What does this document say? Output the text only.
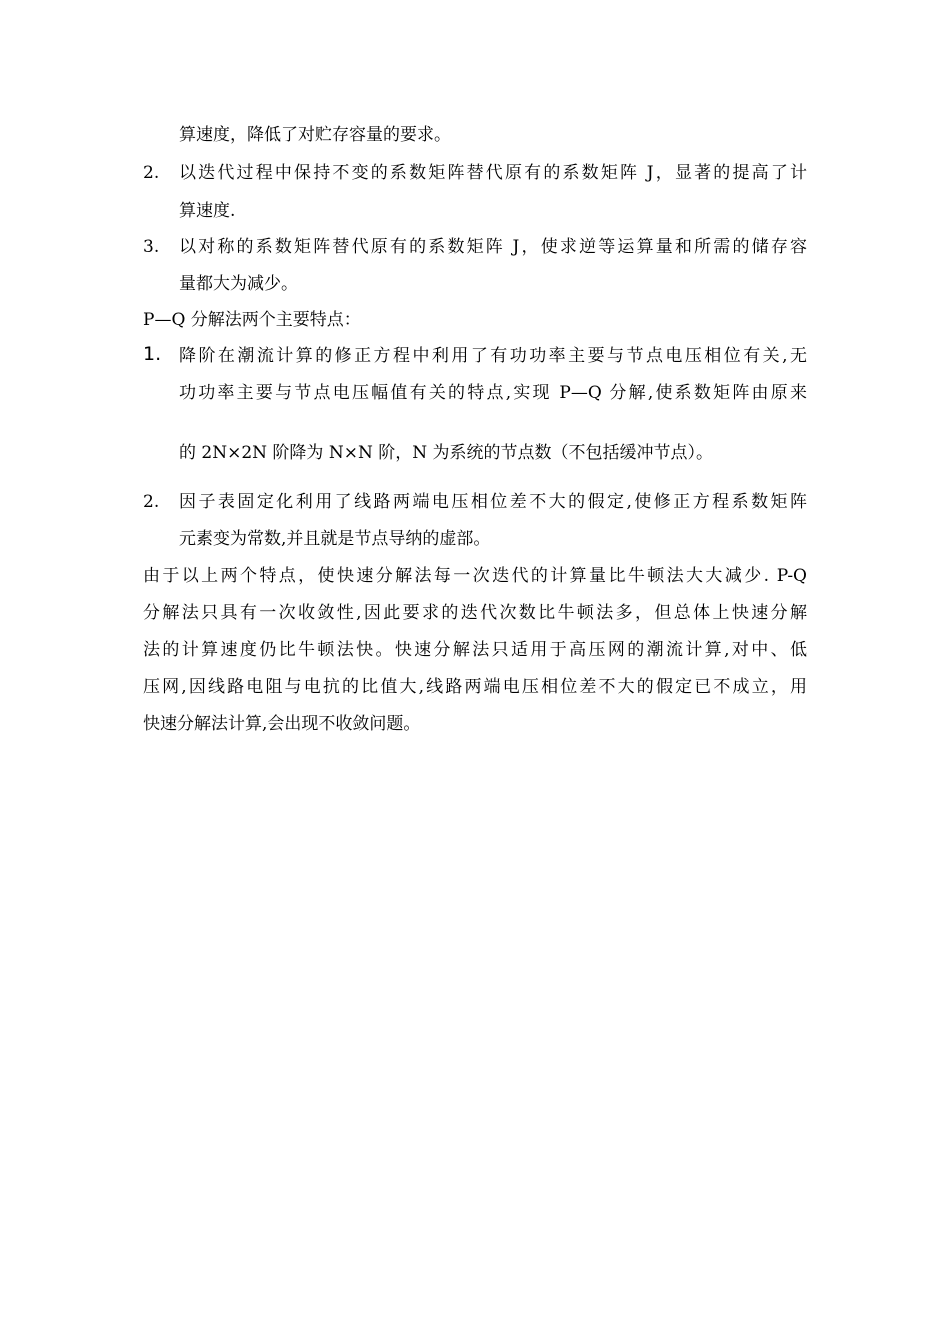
算速度，降低了对贮存容量的要求。
2. 以迭代过程中保持不变的系数矩阵替代原有的系数矩阵 J，显著的提高了计
算速度.
3. 以对称的系数矩阵替代原有的系数矩阵 J，使求逆等运算量和所需的储存容
量都大为减少。
P—Q 分解法两个主要特点：
1. 降阶在潮流计算的修正方程中利用了有功功率主要与节点电压相位有关,无
功功率主要与节点电压幅值有关的特点,实现 P—Q 分解,使系数矩阵由原来
的 2N×2N 阶降为 N×N 阶，N 为系统的节点数（不包括缓冲节点）。
2. 因子表固定化利用了线路两端电压相位差不大的假定,使修正方程系数矩阵
元素变为常数,并且就是节点导纳的虚部。
由于以上两个特点，使快速分解法每一次迭代的计算量比牛顿法大大减少. P-Q
分解法只具有一次收敛性,因此要求的迭代次数比牛顿法多，但总体上快速分解
法的计算速度仍比牛顿法快。快速分解法只适用于高压网的潮流计算,对中、低
压网,因线路电阻与电抗的比值大,线路两端电压相位差不大的假定已不成立，用
快速分解法计算,会出现不收敛问题。
